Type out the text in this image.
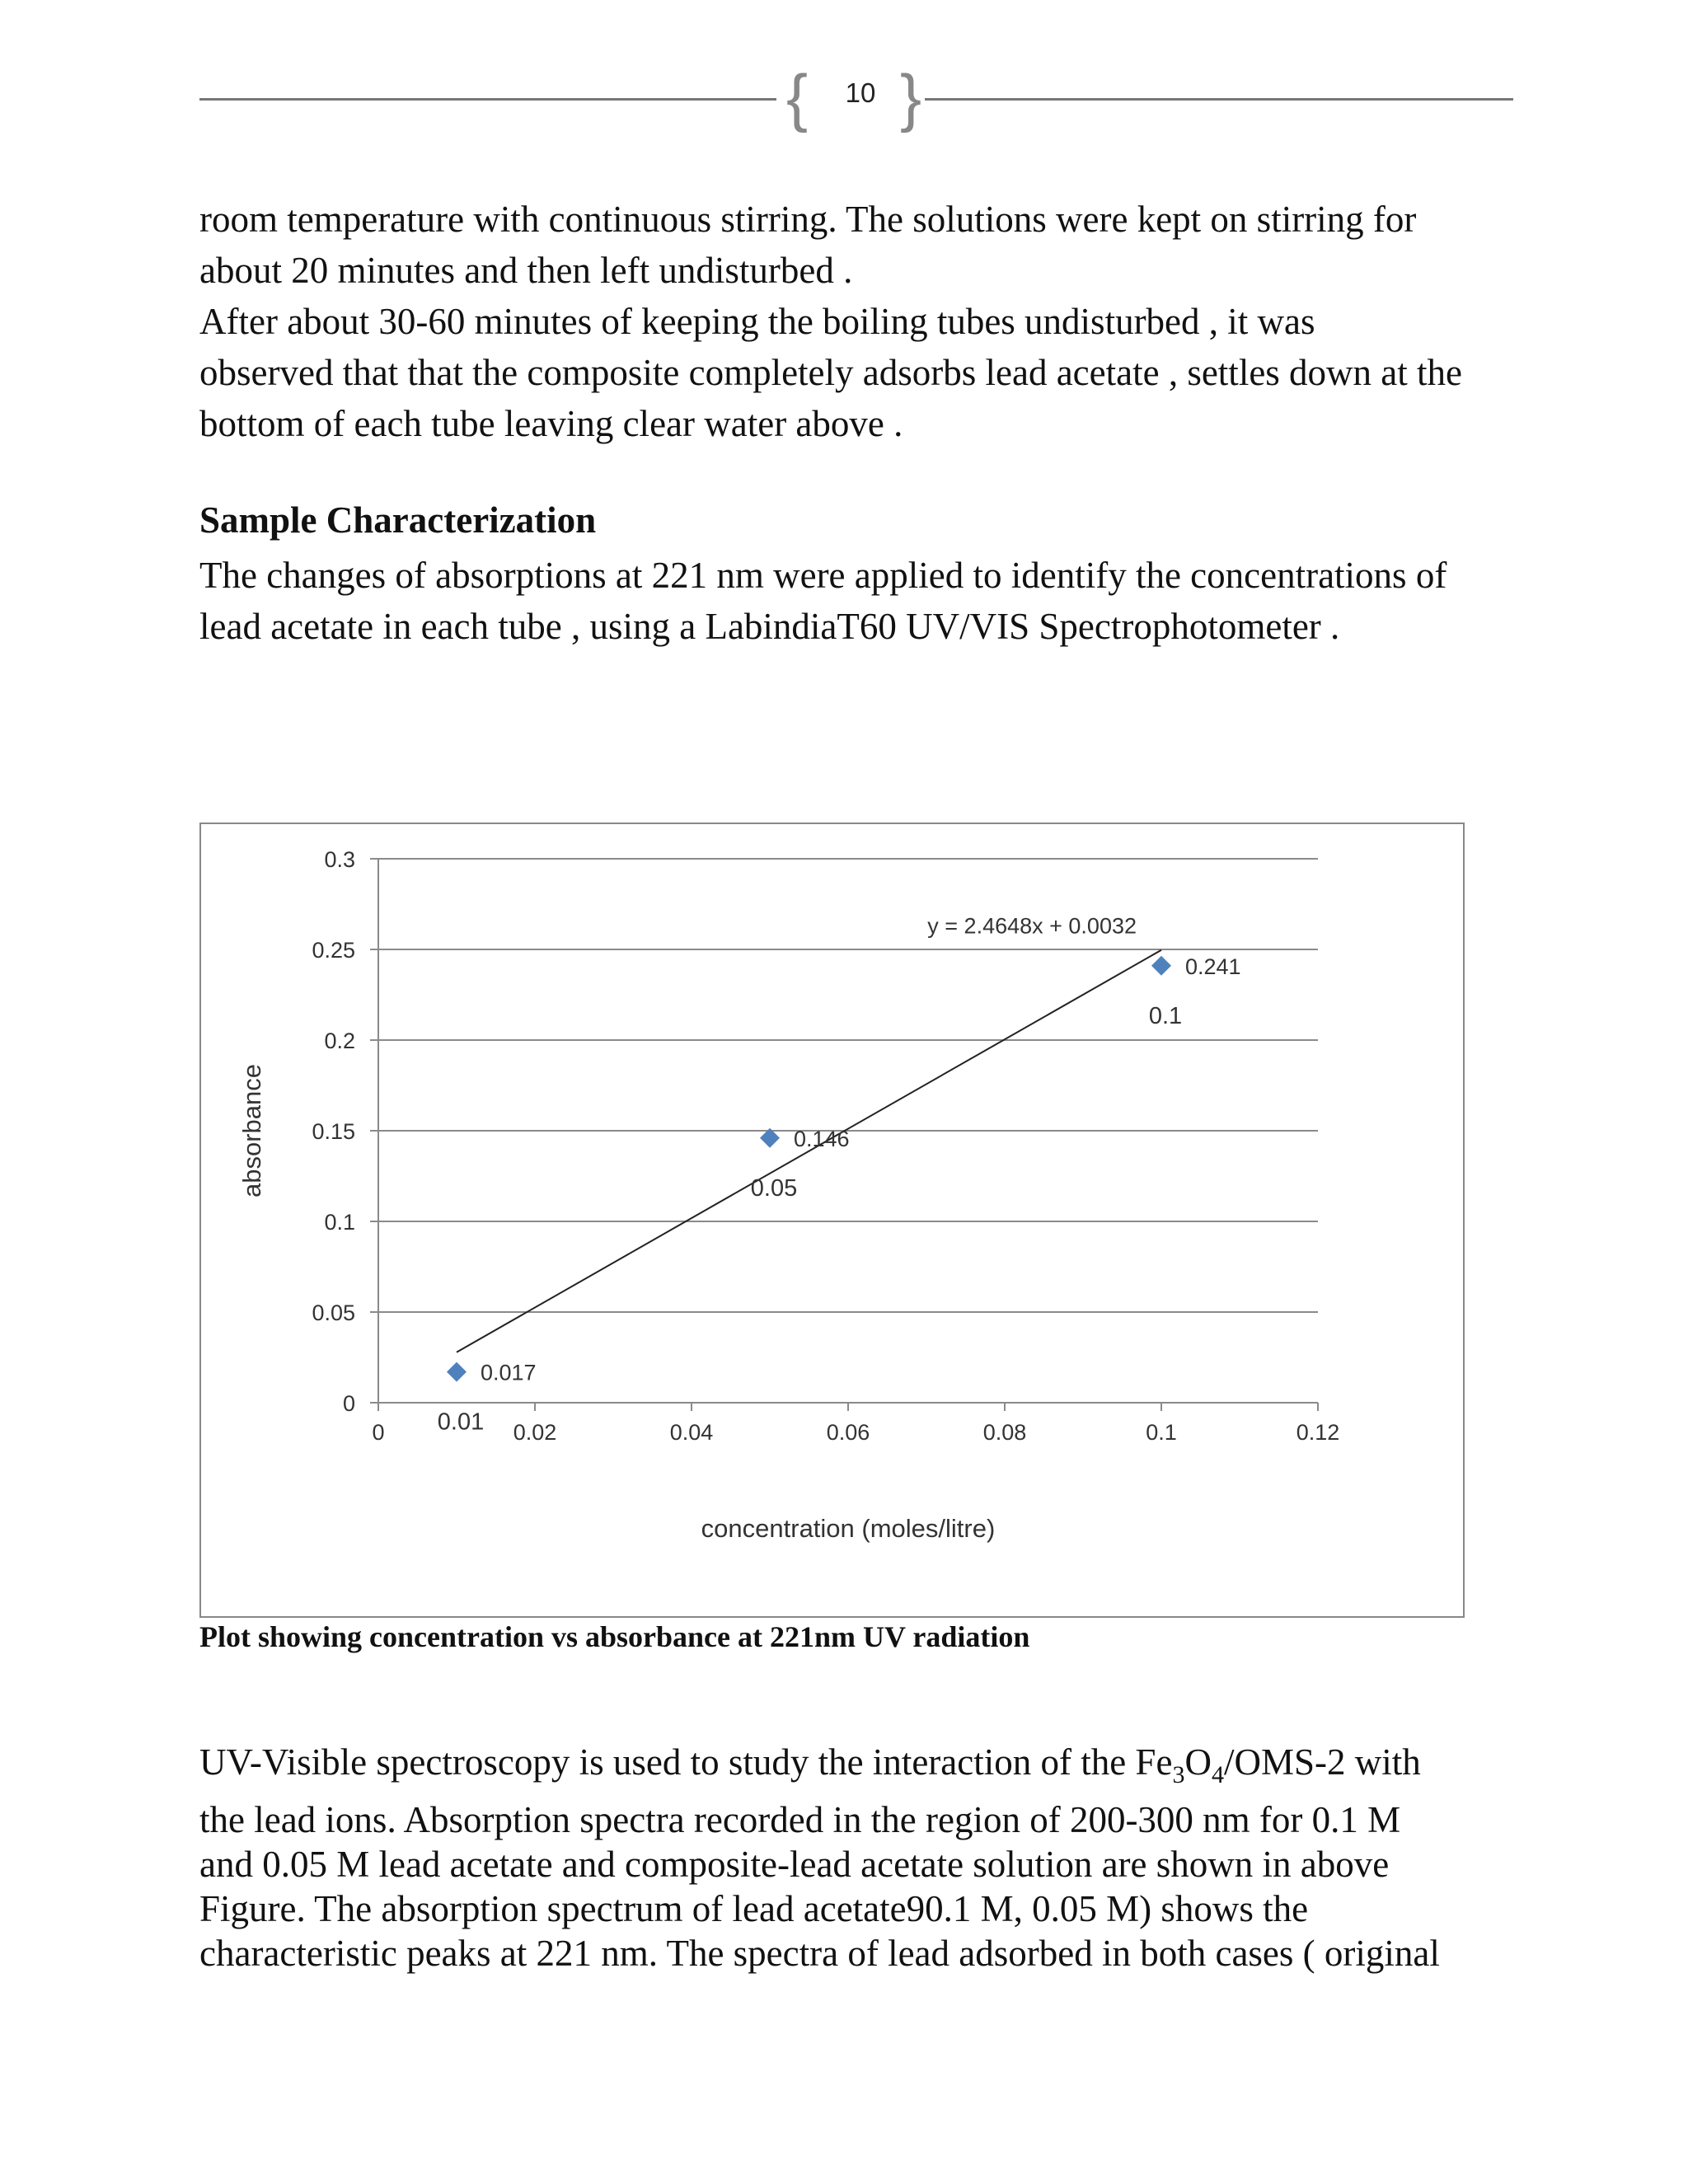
{	10 }

room temperature with continuous stirring. The solutions were kept on stirring for
about 20 minutes and then left undisturbed .

After about 30-60 minutes of keeping the boiling tubes undisturbed , it was
observed that that the composite completely adsorbs lead acetate , settles down at the
bottom of each tube leaving clear water above .

Sample Characterization

The changes of absorptions at 221 nm were applied to identify the concentrations of
lead acetate in each tube , using a LabindiaT60 UV/VIS Spectrophotometer .

0
0.05
0.1
0.15
0.2
0.25
0.3
0	0.02	0.04	0.06	0.08	0.1	0.12
concentration (moles/litre)
absorbance
y = 2.4648x + 0.0032
0.017
0.01
0.146
0.05
0.241
0.1

Plot showing concentration vs absorbance at 221nm UV radiation

UV-Visible spectroscopy is used to study the interaction of the $Fe_3O_4/OMS-2$ with
the lead ions. Absorption spectra recorded in the region of 200-300 nm for 0.1 M
and 0.05 M lead acetate and composite-lead acetate solution are shown in above
Figure. The absorption spectrum of lead acetate90.1 M, 0.05 M) shows the
characteristic peaks at 221 nm. The spectra of lead adsorbed in both cases ( original
